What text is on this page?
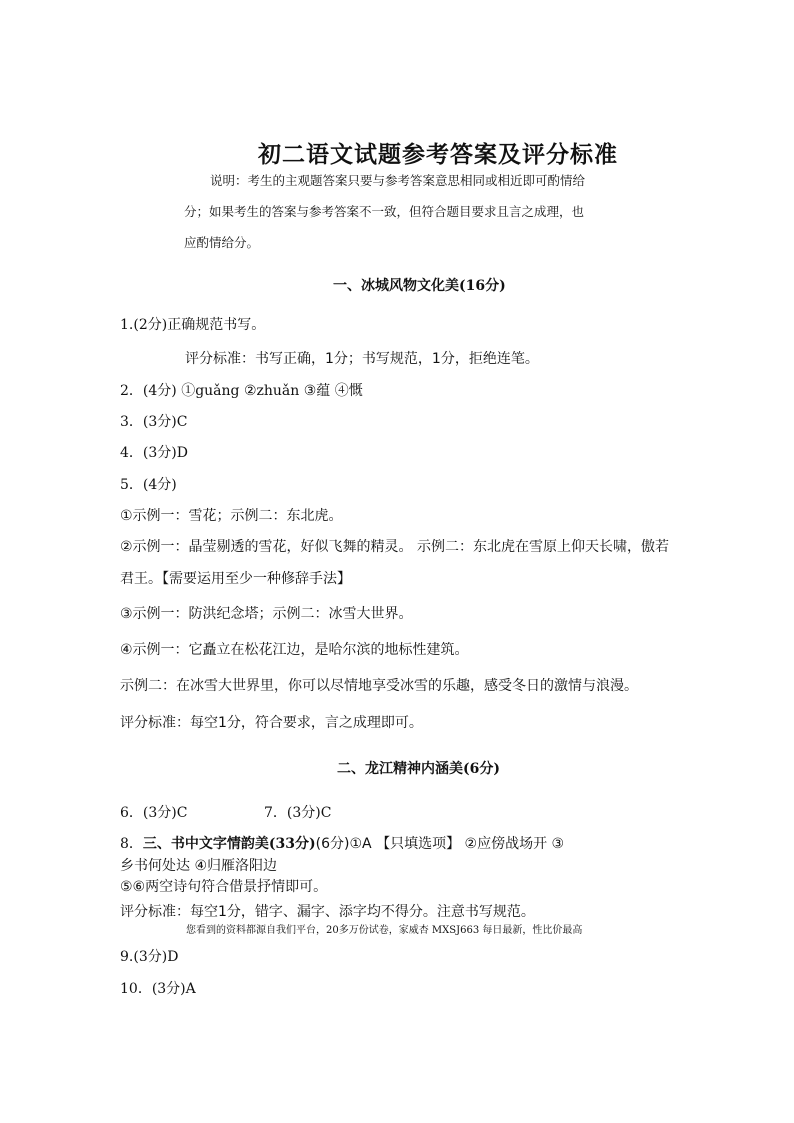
初二语文试题参考答案及评分标准
说明：考生的主观题答案只要与参考答案意思相同或相近即可酌情给
分；如果考生的答案与参考答案不一致，但符合题目要求且言之成理，也
应酌情给分。
一、冰城风物文化美(16分)
1.(2分)正确规范书写。
评分标准：书写正确，1分；书写规范，1分，拒绝连笔。
2．(4分) ①guǎng ②zhuǎn ③蕴 ④慨
3．(3分)C
4．(3分)D
5．(4分)
①示例一：雪花；示例二：东北虎。
②示例一：晶莹剔透的雪花，好似飞舞的精灵。 示例二：东北虎在雪原上仰天长啸，傲若
君王。【需要运用至少一种修辞手法】
③示例一：防洪纪念塔；示例二：冰雪大世界。
④示例一：它矗立在松花江边，是哈尔滨的地标性建筑。
示例二：在冰雪大世界里，你可以尽情地享受冰雪的乐趣，感受冬日的激情与浪漫。
评分标准：每空1分，符合要求，言之成理即可。
二、龙江精神内涵美(6分)
6．(3分)C	7．(3分)C
8．三、书中文字情韵美(33分)(6分)①A 【只填选项】 ②应傍战场开 ③
乡书何处达 ④归雁洛阳边
⑤⑥两空诗句符合借景抒情即可。
评分标准：每空1分，错字、漏字、添字均不得分。注意书写规范。
您看到的资料都源自我们平台，20多万份试卷，家威杏 MXSJ663 每日最新，性比价最高
9.(3分)D
10．(3分)A
